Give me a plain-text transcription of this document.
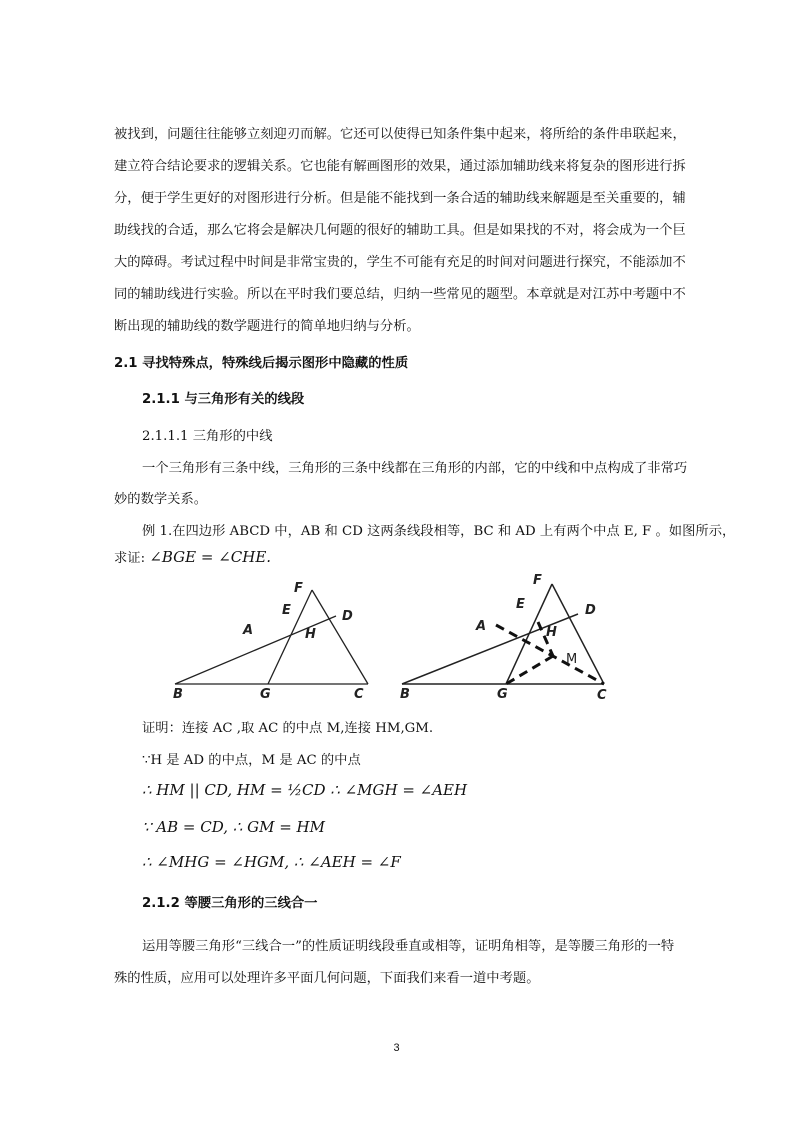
被找到，问题往往能够立刻迎刃而解。它还可以使得已知条件集中起来，将所给的条件串联起来，
建立符合结论要求的逻辑关系。它也能有解画图形的效果，通过添加辅助线来将复杂的图形进行拆
分，便于学生更好的对图形进行分析。但是能不能找到一条合适的辅助线来解题是至关重要的，辅
助线找的合适，那么它将会是解决几何题的很好的辅助工具。但是如果找的不对，将会成为一个巨
大的障碍。考试过程中时间是非常宝贵的，学生不可能有充足的时间对问题进行探究，不能添加不
同的辅助线进行实验。所以在平时我们要总结，归纳一些常见的题型。本章就是对江苏中考题中不
断出现的辅助线的数学题进行的简单地归纳与分析。
2.1 寻找特殊点，特殊线后揭示图形中隐藏的性质
2.1.1 与三角形有关的线段
2.1.1.1 三角形的中线
一个三角形有三条中线，三角形的三条中线都在三角形的内部，它的中线和中点构成了非常巧
妙的数学关系。
例 1.在四边形 ABCD 中，AB 和 CD 这两条线段相等，BC 和 AD 上有两个中点 E, F 。如图所示，
求证: ∠BGE = ∠CHE.
F
E	D
A	H
B	G	C
F
E	D
A	H
M
B	G	C
证明：连接 AC ,取 AC 的中点 M,连接 HM,GM.
∵H 是 AD 的中点，M 是 AC 的中点
∴ HM || CD, HM = ½CD ∴ ∠MGH = ∠AEH
∵ AB = CD, ∴ GM = HM
∴ ∠MHG = ∠HGM, ∴ ∠AEH = ∠F
2.1.2 等腰三角形的三线合一
运用等腰三角形“三线合一”的性质证明线段垂直或相等，证明角相等，是等腰三角形的一特
殊的性质，应用可以处理许多平面几何问题，下面我们来看一道中考题。
3
